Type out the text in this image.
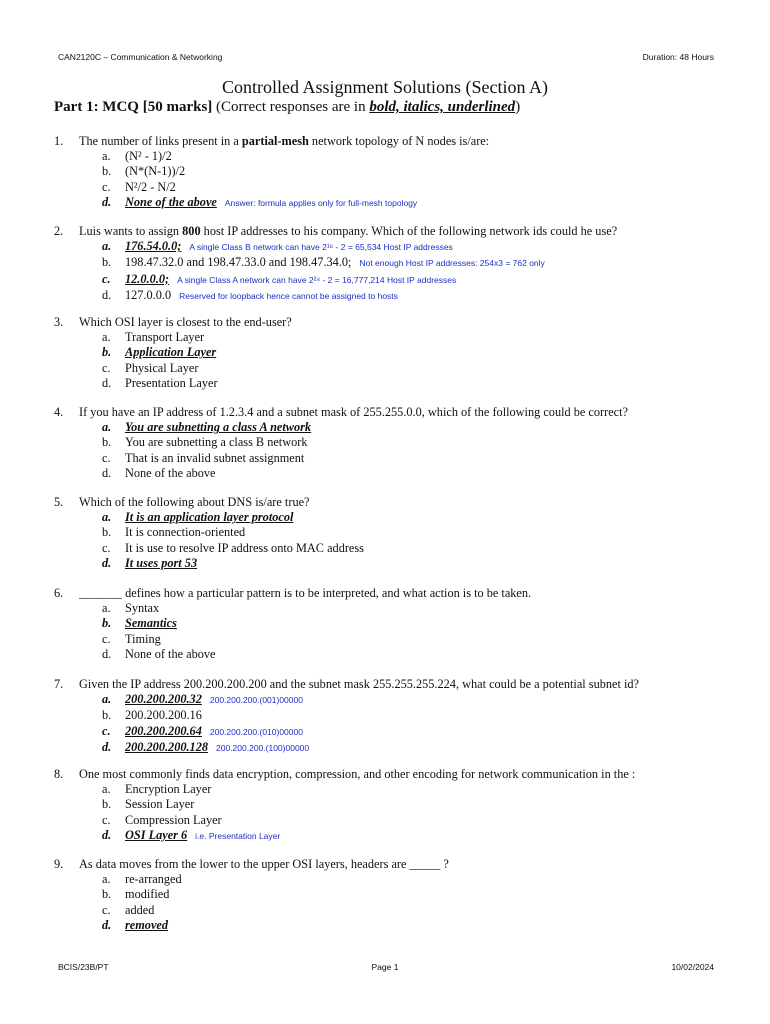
CAN2120C – Communication & Networking	Duration: 48 Hours
Controlled Assignment Solutions (Section A)
Part 1: MCQ [50 marks] (Correct responses are in bold, italics, underlined)
1. The number of links present in a partial-mesh network topology of N nodes is/are:
a. (N² - 1)/2
b. (N*(N-1))/2
c. N²/2 - N/2
d. None of the above Answer: formula applies only for full-mesh topology
2. Luis wants to assign 800 host IP addresses to his company. Which of the following network ids could he use?
a. 176.54.0.0; A single Class B network can have 2¹⁶ - 2 = 65,534 Host IP addresses
b. 198.47.32.0 and 198.47.33.0 and 198.47.34.0; Not enough Host IP addresses: 254x3 = 762 only
c. 12.0.0.0; A single Class A network can have 2²⁴ - 2 = 16,777,214 Host IP addresses
d. 127.0.0.0 Reserved for loopback hence cannot be assigned to hosts
3. Which OSI layer is closest to the end-user?
a. Transport Layer
b. Application Layer
c. Physical Layer
d. Presentation Layer
4. If you have an IP address of 1.2.3.4 and a subnet mask of 255.255.0.0, which of the following could be correct?
a. You are subnetting a class A network
b. You are subnetting a class B network
c. That is an invalid subnet assignment
d. None of the above
5. Which of the following about DNS is/are true?
a. It is an application layer protocol
b. It is connection-oriented
c. It is use to resolve IP address onto MAC address
d. It uses port 53
6. _______ defines how a particular pattern is to be interpreted, and what action is to be taken.
a. Syntax
b. Semantics
c. Timing
d. None of the above
7. Given the IP address 200.200.200.200 and the subnet mask 255.255.255.224, what could be a potential subnet id?
a. 200.200.200.32 200.200.200.(001)00000
b. 200.200.200.16
c. 200.200.200.64 200.200.200.(010)00000
d. 200.200.200.128 200.200.200.(100)00000
8. One most commonly finds data encryption, compression, and other encoding for network communication in the :
a. Encryption Layer
b. Session Layer
c. Compression Layer
d. OSI Layer 6 i.e. Presentation Layer
9. As data moves from the lower to the upper OSI layers, headers are _____ ?
a. re-arranged
b. modified
c. added
d. removed
BCIS/23B/PT	Page 1	10/02/2024
